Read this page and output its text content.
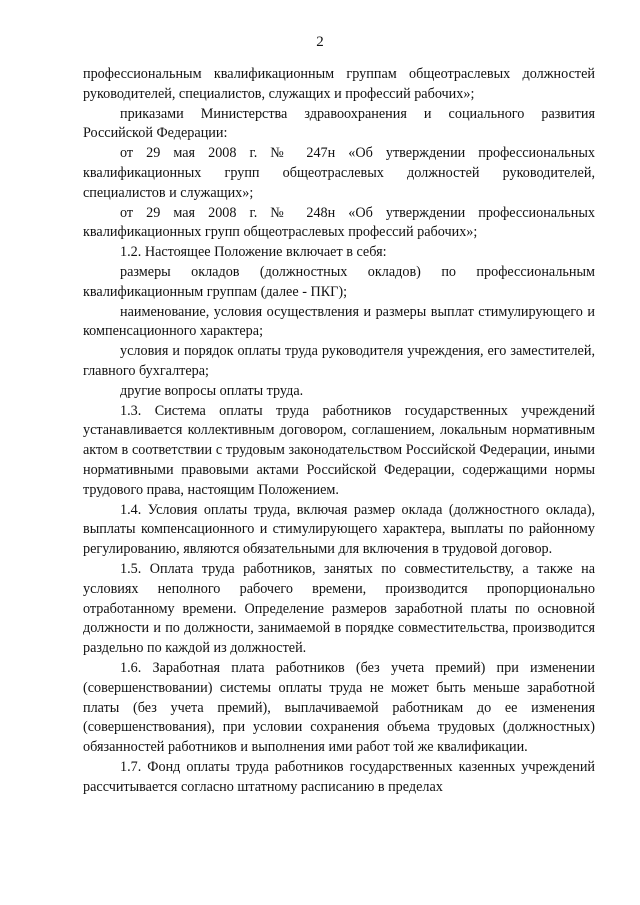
2

профессиональным квалификационным группам общеотраслевых должностей руководителей, специалистов, служащих и профессий рабочих»;

приказами Министерства здравоохранения и социального развития Российской Федерации:

от 29 мая 2008 г. № 247н «Об утверждении профессиональных квалификационных групп общеотраслевых должностей руководителей, специалистов и служащих»;

от 29 мая 2008 г. № 248н «Об утверждении профессиональных квалификационных групп общеотраслевых профессий рабочих»;

1.2. Настоящее Положение включает в себя:

размеры окладов (должностных окладов) по профессиональным квалификационным группам (далее - ПКГ);

наименование, условия осуществления и размеры выплат стимулирующего и компенсационного характера;

условия и порядок оплаты труда руководителя учреждения, его заместителей, главного бухгалтера;

другие вопросы оплаты труда.

1.3. Система оплаты труда работников государственных учреждений устанавливается коллективным договором, соглашением, локальным нормативным актом в соответствии с трудовым законодательством Российской Федерации, иными нормативными правовыми актами Российской Федерации, содержащими нормы трудового права, настоящим Положением.

1.4. Условия оплаты труда, включая размер оклада (должностного оклада), выплаты компенсационного и стимулирующего характера, выплаты по районному регулированию, являются обязательными для включения в трудовой договор.

1.5. Оплата труда работников, занятых по совместительству, а также на условиях неполного рабочего времени, производится пропорционально отработанному времени. Определение размеров заработной платы по основной должности и по должности, занимаемой в порядке совместительства, производится раздельно по каждой из должностей.

1.6. Заработная плата работников (без учета премий) при изменении (совершенствовании) системы оплаты труда не может быть меньше заработной платы (без учета премий), выплачиваемой работникам до ее изменения (совершенствования), при условии сохранения объема трудовых (должностных) обязанностей работников и выполнения ими работ той же квалификации.

1.7. Фонд оплаты труда работников государственных казенных учреждений рассчитывается согласно штатному расписанию в пределах
